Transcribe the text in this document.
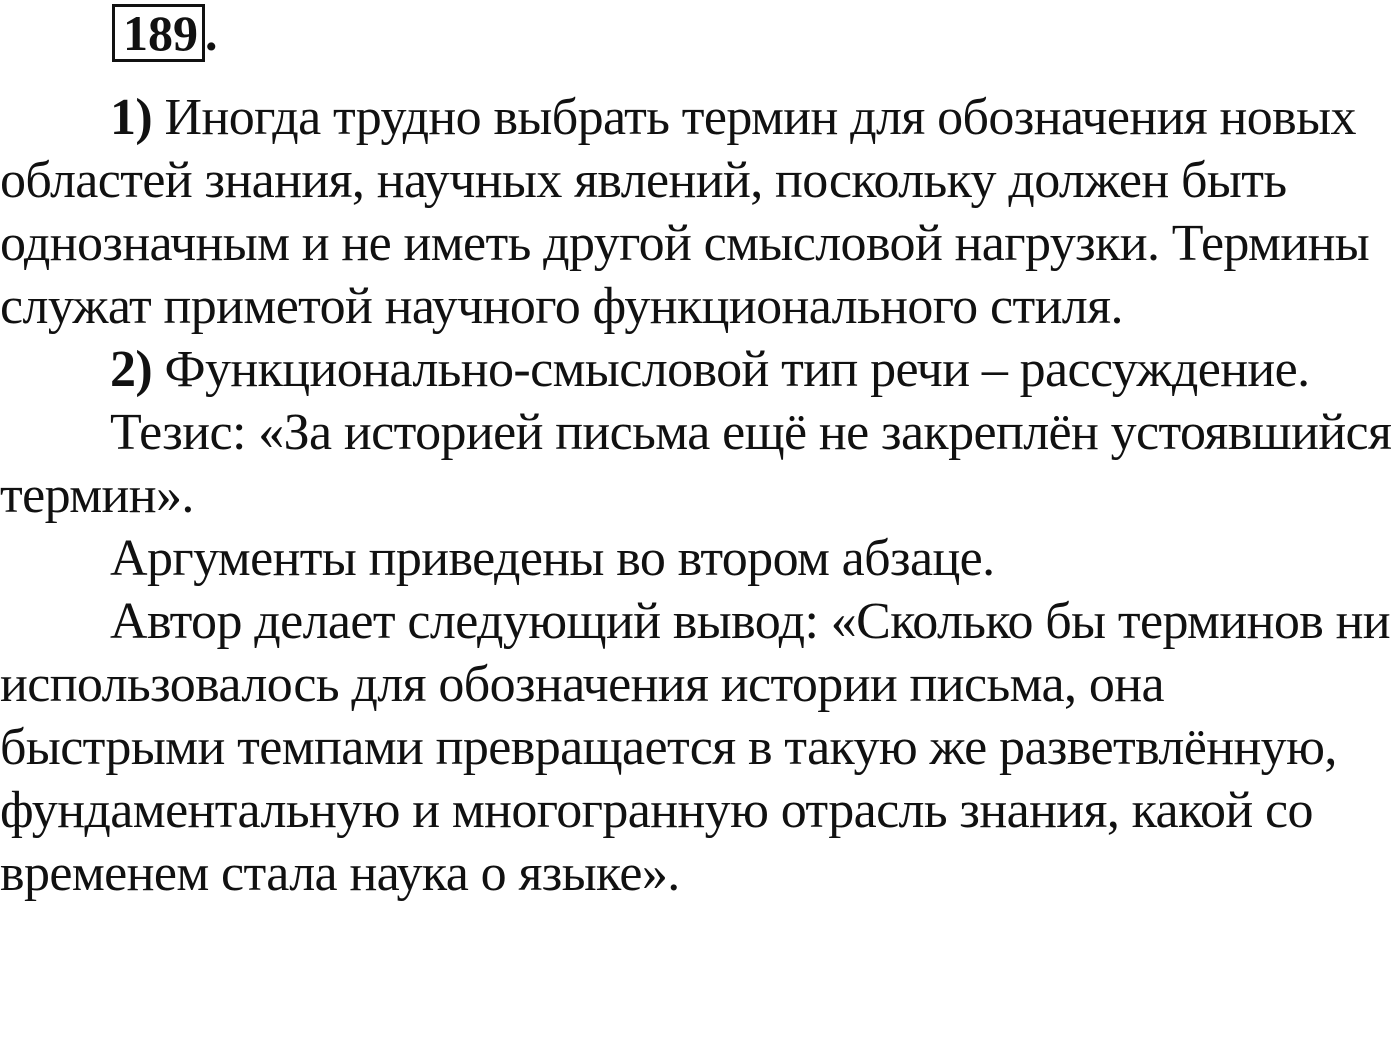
189 .

1) Иногда трудно выбрать термин для обозначения новых областей знания, научных явлений, поскольку должен быть однозначным и не иметь другой смысловой нагрузки. Термины служат приметой научного функционального стиля.

2) Функционально-смысловой тип речи – рассуждение.

Тезис: «За историей письма ещё не закреплён устоявшийся термин».

Аргументы приведены во втором абзаце.

Автор делает следующий вывод: «Сколько бы терминов ни использовалось для обозначения истории письма, она быстрыми темпами превращается в такую же разветвлённую, фундаментальную и многогранную отрасль знания, какой со временем стала наука о языке».
